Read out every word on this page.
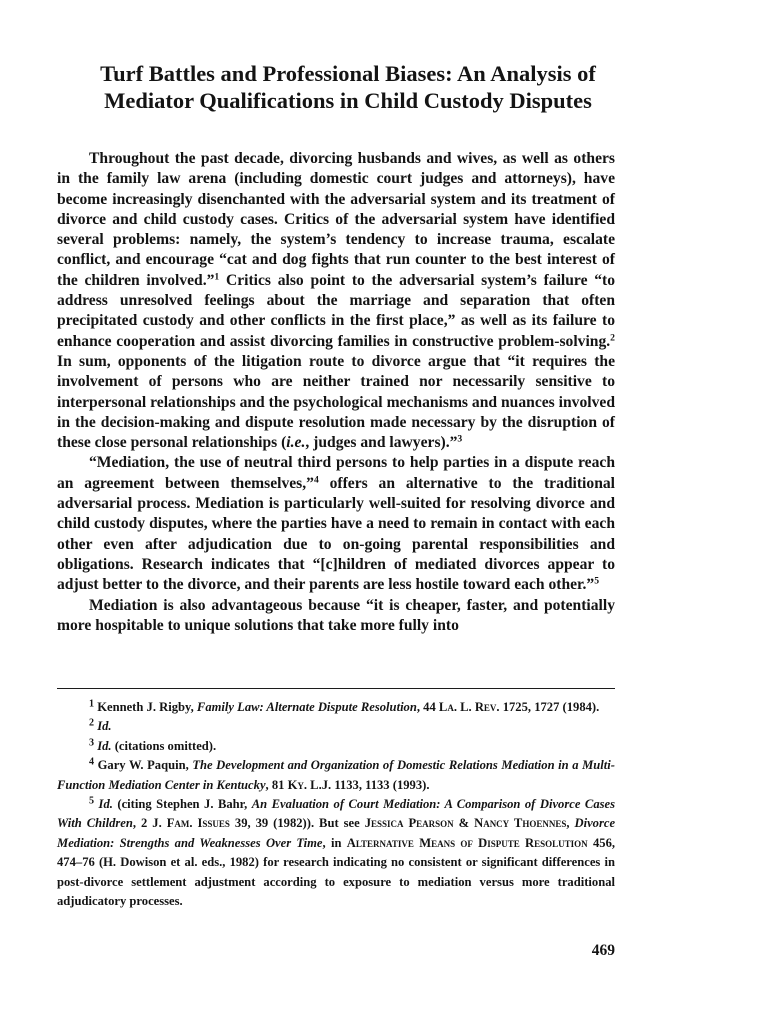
Turf Battles and Professional Biases: An Analysis of Mediator Qualifications in Child Custody Disputes

Throughout the past decade, divorcing husbands and wives, as well as others in the family law arena (including domestic court judges and attorneys), have become increasingly disenchanted with the adversarial system and its treatment of divorce and child custody cases. Critics of the adversarial system have identified several problems: namely, the system’s tendency to increase trauma, escalate conflict, and encourage “cat and dog fights that run counter to the best interest of the children involved.”$^1$ Critics also point to the adversarial system’s failure “to address unresolved feelings about the marriage and separation that often precipitated custody and other conflicts in the first place,” as well as its failure to enhance cooperation and assist divorcing families in constructive problem-solving.$^2$ In sum, opponents of the litigation route to divorce argue that “it requires the involvement of persons who are neither trained nor necessarily sensitive to interpersonal relationships and the psychological mechanisms and nuances involved in the decision-making and dispute resolution made necessary by the disruption of these close personal relationships (i.e., judges and lawyers).”$^3$

“Mediation, the use of neutral third persons to help parties in a dispute reach an agreement between themselves,”$^4$ offers an alternative to the traditional adversarial process. Mediation is particularly well-suited for resolving divorce and child custody disputes, where the parties have a need to remain in contact with each other even after adjudication due to on-going parental responsibilities and obligations. Research indicates that “[c]hildren of mediated divorces appear to adjust better to the divorce, and their parents are less hostile toward each other.”$^5$

Mediation is also advantageous because “it is cheaper, faster, and potentially more hospitable to unique solutions that take more fully into

$^1$ Kenneth J. Rigby, Family Law: Alternate Dispute Resolution, 44 La. L. Rev. 1725, 1727 (1984).

$^2$ Id.

$^3$ Id. (citations omitted).

$^4$ Gary W. Paquin, The Development and Organization of Domestic Relations Mediation in a Multi-Function Mediation Center in Kentucky, 81 Ky. L.J. 1133, 1133 (1993).

$^5$ Id. (citing Stephen J. Bahr, An Evaluation of Court Mediation: A Comparison of Divorce Cases With Children, 2 J. Fam. Issues 39, 39 (1982)). But see Jessica Pearson & Nancy Thoennes, Divorce Mediation: Strengths and Weaknesses Over Time, in Alternative Means of Dispute Resolution 456, 474–76 (H. Dowison et al. eds., 1982) for research indicating no consistent or significant differences in post-divorce settlement adjustment according to exposure to mediation versus more traditional adjudicatory processes.

469
